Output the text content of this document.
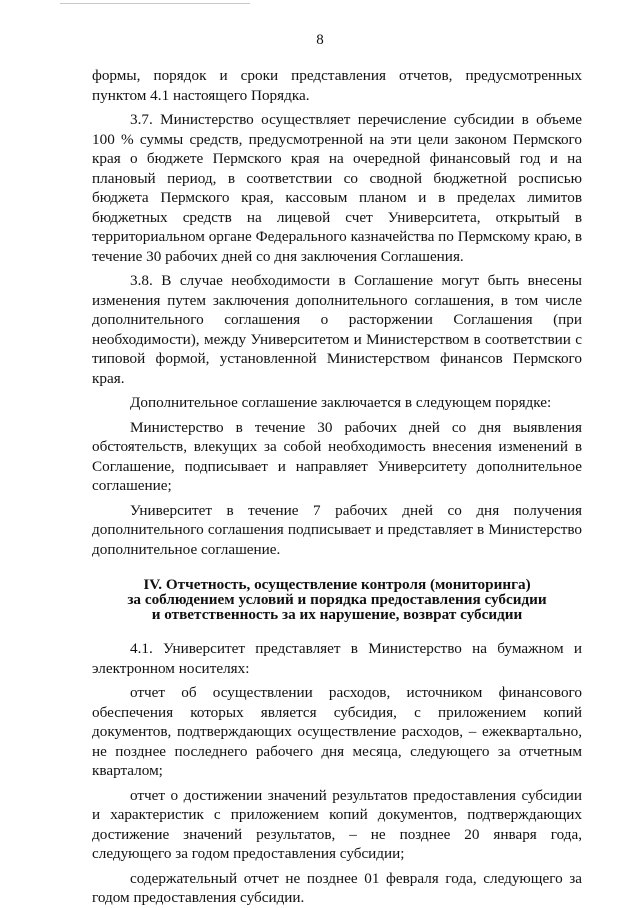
8

формы, порядок и сроки представления отчетов, предусмотренных пунктом 4.1 настоящего Порядка.

3.7. Министерство осуществляет перечисление субсидии в объеме 100 % суммы средств, предусмотренной на эти цели законом Пермского края о бюджете Пермского края на очередной финансовый год и на плановый период, в соответствии со сводной бюджетной росписью бюджета Пермского края, кассовым планом и в пределах лимитов бюджетных средств на лицевой счет Университета, открытый в территориальном органе Федерального казначейства по Пермскому краю, в течение 30 рабочих дней со дня заключения Соглашения.

3.8. В случае необходимости в Соглашение могут быть внесены изменения путем заключения дополнительного соглашения, в том числе дополнительного соглашения о расторжении Соглашения (при необходимости), между Университетом и Министерством в соответствии с типовой формой, установленной Министерством финансов Пермского края.

Дополнительное соглашение заключается в следующем порядке:

Министерство в течение 30 рабочих дней со дня выявления обстоятельств, влекущих за собой необходимость внесения изменений в Соглашение, подписывает и направляет Университету дополнительное соглашение;

Университет в течение 7 рабочих дней со дня получения дополнительного соглашения подписывает и представляет в Министерство дополнительное соглашение.

IV. Отчетность, осуществление контроля (мониторинга)
за соблюдением условий и порядка предоставления субсидии
и ответственность за их нарушение, возврат субсидии

4.1. Университет представляет в Министерство на бумажном и электронном носителях:

отчет об осуществлении расходов, источником финансового обеспечения которых является субсидия, с приложением копий документов, подтверждающих осуществление расходов, – ежеквартально, не позднее последнего рабочего дня месяца, следующего за отчетным кварталом;

отчет о достижении значений результатов предоставления субсидии и характеристик с приложением копий документов, подтверждающих достижение значений результатов, – не позднее 20 января года, следующего за годом предоставления субсидии;

содержательный отчет не позднее 01 февраля года, следующего за годом предоставления субсидии.
